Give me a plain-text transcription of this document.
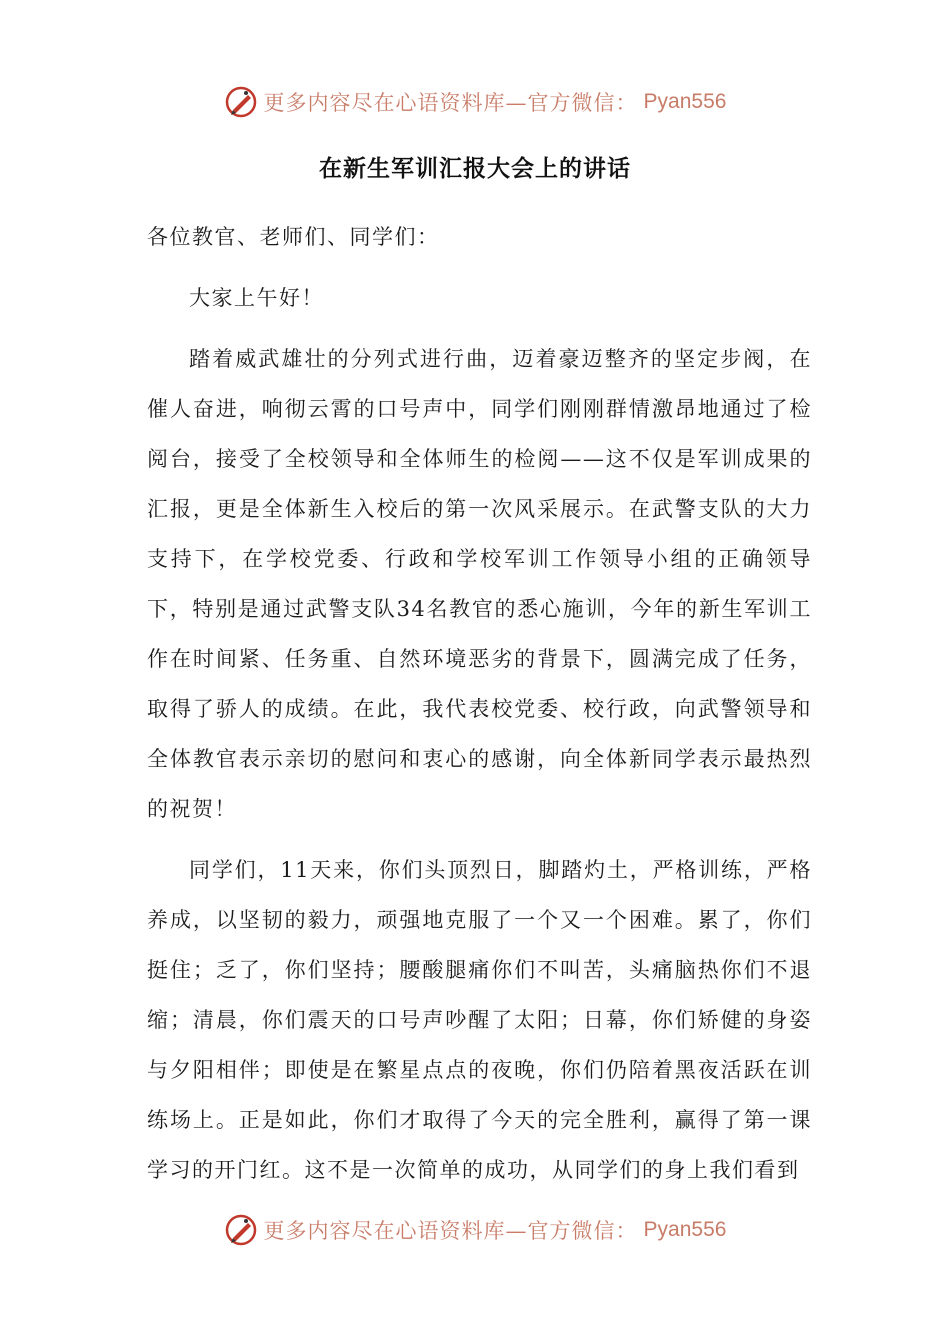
更多内容尽在心语资料库—官方微信： Pyan556
在新生军训汇报大会上的讲话

各位教官、老师们、同学们：

大家上午好！

踏着威武雄壮的分列式进行曲，迈着豪迈整齐的坚定步阀，在催人奋进，响彻云霄的口号声中，同学们刚刚群情激昂地通过了检阅台，接受了全校领导和全体师生的检阅——这不仅是军训成果的汇报，更是全体新生入校后的第一次风采展示。在武警支队的大力支持下，在学校党委、行政和学校军训工作领导小组的正确领导下，特别是通过武警支队34名教官的悉心施训，今年的新生军训工作在时间紧、任务重、自然环境恶劣的背景下，圆满完成了任务，取得了骄人的成绩。在此，我代表校党委、校行政，向武警领导和全体教官表示亲切的慰问和衷心的感谢，向全体新同学表示最热烈的祝贺！

同学们，11天来，你们头顶烈日，脚踏灼土，严格训练，严格养成，以坚韧的毅力，顽强地克服了一个又一个困难。累了，你们挺住；乏了，你们坚持；腰酸腿痛你们不叫苦，头痛脑热你们不退缩；清晨，你们震天的口号声吵醒了太阳；日幕，你们矫健的身姿与夕阳相伴；即使是在繁星点点的夜晚，你们仍陪着黑夜活跃在训练场上。正是如此，你们才取得了今天的完全胜利，赢得了第一课学习的开门红。这不是一次简单的成功，从同学们的身上我们看到

更多内容尽在心语资料库—官方微信： Pyan556
